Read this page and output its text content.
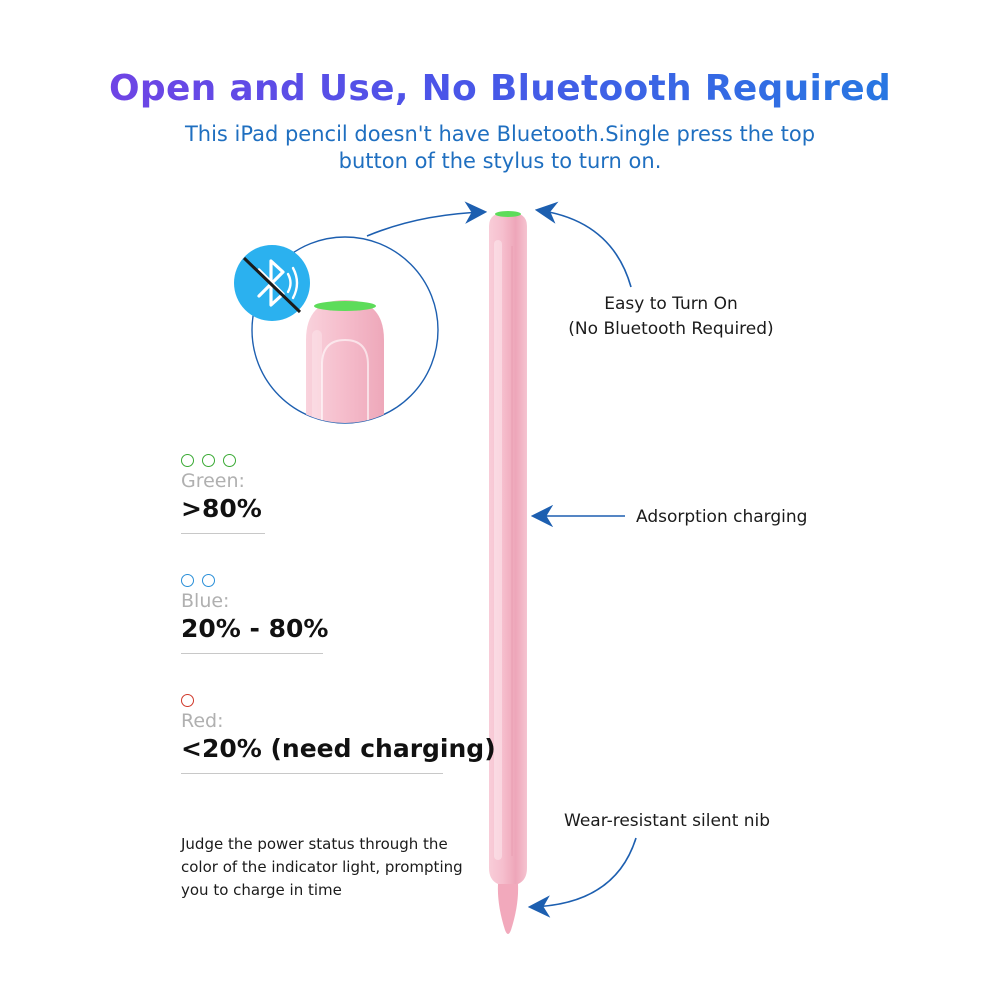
Open and Use, No Bluetooth Required
This iPad pencil doesn't have Bluetooth.Single press the top button of the stylus to turn on.
Easy to Turn On
(No Bluetooth Required)
Adsorption charging
Wear-resistant silent nib
Green:
>80%
Blue:
20% - 80%
Red:
<20% (need charging)
Judge the power status through the color of the indicator light, prompting you to charge in time
